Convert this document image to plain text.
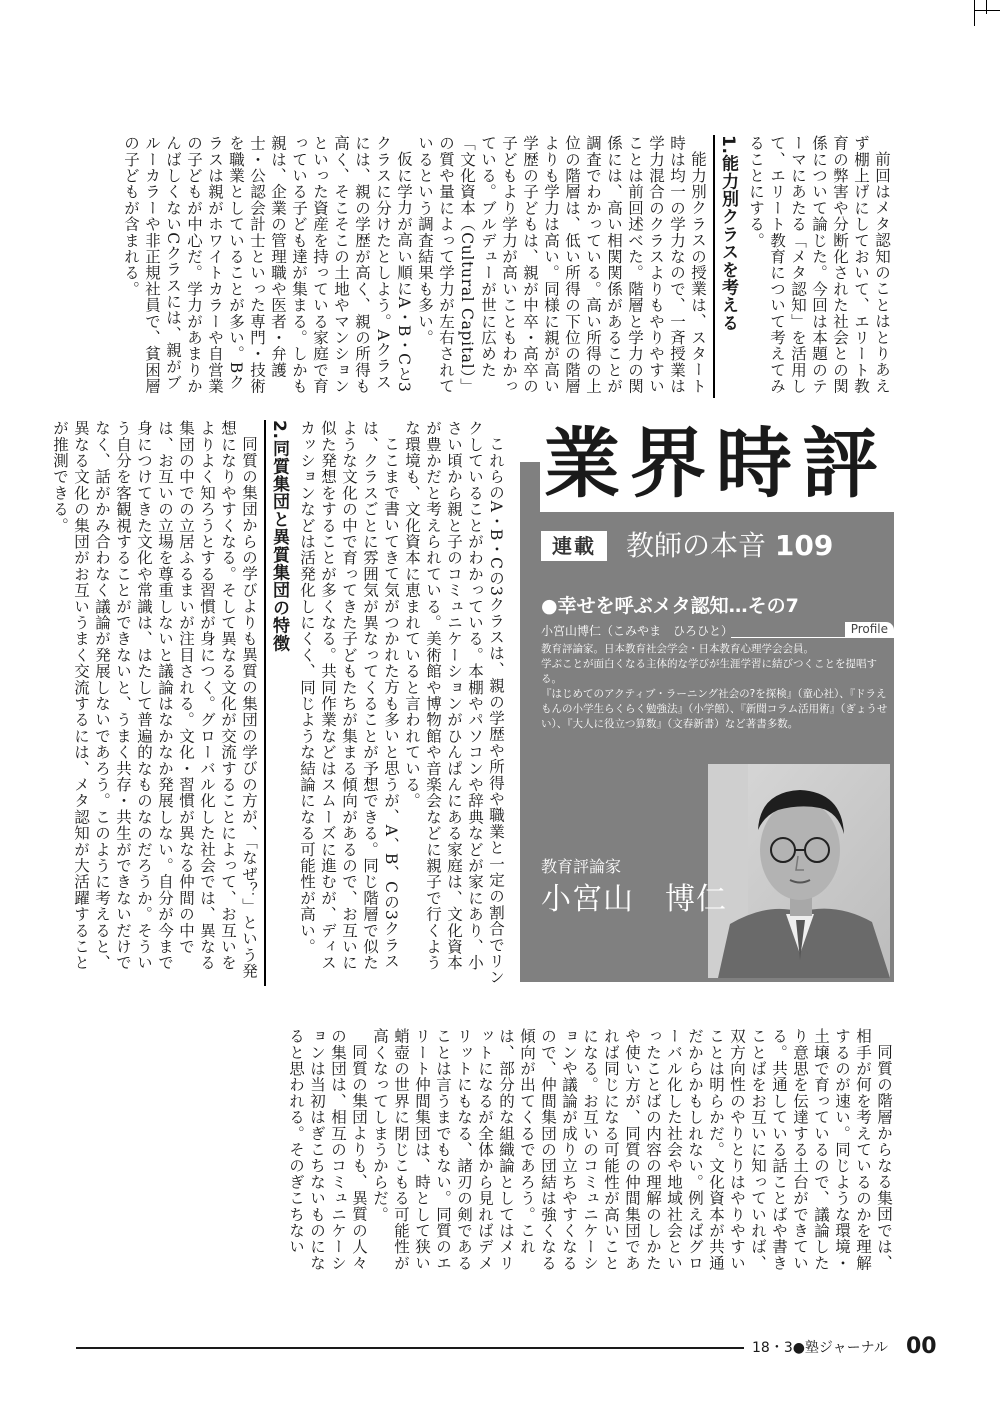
前回はメタ認知のことはとりあえず棚上げにしておいて、エリート教育の弊害や分断化された社会との関係について論じた。今回は本題のテーマにあたる「メタ認知」を活用して、エリート教育について考えてみることにする。

1.能力別クラスを考える

能力別クラスの授業は、スタート時は均一の学力なので、一斉授業は学力混合のクラスよりもやりやすいことは前回述べた。階層と学力の関係には、高い相関関係があることが調査でわかっている。高い所得の上位の階層は、低い所得の下位の階層よりも学力は高い。同様に親が高い学歴の子どもは、親が中卒・高卒の子どもより学力が高いこともわかっている。ブルデューが世に広めた「文化資本（Cultural Capital）」の質や量によって学力が左右されているという調査結果も多い。

仮に学力が高い順にA・B・Cと3クラスに分けたとしよう。Aクラスには、親の学歴が高く、親の所得も高く、そこそこの土地やマンションといった資産を持っている家庭で育っている子ども達が集まる。しかも親は、企業の管理職や医者・弁護士・公認会計士といった専門・技術を職業としていることが多い。Bクラスは親がホワイトカラーや自営業の子どもが中心だ。学力があまりかんばしくないCクラスには、親がブルーカラーや非正規社員で、貧困層の子どもが含まれる。

これらのA・B・Cの3クラスは、親の学歴や所得や職業と一定の割合でリンクしていることがわかっている。本棚やパソコンや辞典などが家にあり、小さい頃から親と子のコミュニケーションがひんぱんにある家庭は、文化資本が豊かだと考えられている。美術館や博物館や音楽会などに親子で行くような環境も、文化資本に恵まれていると言われている。

ここまで書いてきて気がつかれた方も多いと思うが、A、B、Cの3クラスは、クラスごとに雰囲気が異なってくることが予想できる。同じ階層で似たような文化の中で育ってきた子どもたちが集まる傾向があるので、お互いに似た発想をすることが多くなる。共同作業などはスムーズに進むが、ディスカッションなどは活発化しにくく、同じような結論になる可能性が高い。

2.同質集団と異質集団の特徴

同質の集団からの学びよりも異質の集団の学びの方が、「なぜ？」という発想になりやすくなる。そして異なる文化が交流することによって、お互いをよりよく知ろうとする習慣が身につく。グローバル化した社会では、異なる集団の中での立居ふるまいが注目される。文化・習慣が異なる仲間の中では、お互いの立場を尊重しないと議論はなかなか発展しない。自分が今まで身につけてきた文化や常識は、はたして普遍的なものなのだろうか。そういう自分を客観視することができないと、うまく共存・共生ができないだけでなく、話がかみ合わなく議論が発展しないであろう。このように考えると、異なる文化の集団がお互いうまく交流するには、メタ認知が大活躍することが推測できる。

同質の階層からなる集団では、相手が何を考えているのかを理解するのが速い。同じような環境・土壌で育っているので、議論したり意思を伝達する土台ができている。共通している話ことばや書きことばをお互いに知っていれば、双方向性のやりとりはやりやすいことは明らかだ。文化資本が共通だからかもしれない。例えばグローバル化した社会や地域社会といったことばの内容の理解のしかたや使い方が、同質の仲間集団であれば同じになる可能性が高いことになる。お互いのコミュニケーションや議論が成り立ちやすくなるので、仲間集団の団結は強くなる傾向が出てくるであろう。これは、部分的な組織論としてはメリットになるが全体から見ればデメリットにもなる、諸刃の剣であることは言うまでもない。同質のエリート仲間集団は、時として狭い蛸壺の世界に閉じこもる可能性が高くなってしまうからだ。

同質の集団よりも、異質の人々の集団は、相互のコミュニケーションは当初はぎこちないものになると思われる。そのぎこちない

業界時評
連載	教師の本音 109
●幸せを呼ぶメタ認知…その7
小宮山博仁（こみやま　ひろひと）	Profile
教育評論家。日本教育社会学会・日本教育心理学会会員。
学ぶことが面白くなる主体的な学びが生涯学習に結びつくことを提唱する。
『はじめてのアクティブ・ラーニング社会の?を探検』（童心社）、『ドラえもんの小学生らくらく勉強法』（小学館）、『新聞コラム活用術』（ぎょうせい）、『大人に役立つ算数』（文春新書）など著書多数。
教育評論家
小宮山　博仁
18・3●塾ジャーナル 00
